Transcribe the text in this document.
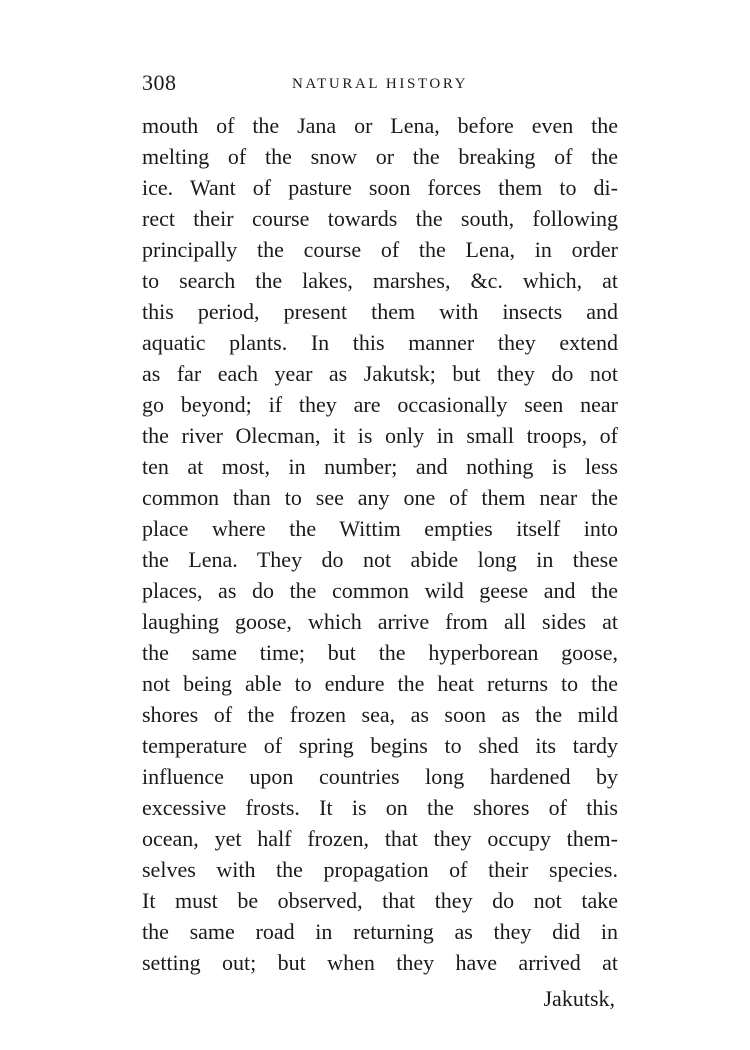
308	NATURAL HISTORY
mouth of the Jana or Lena, before even the
melting of the snow or the breaking of the
ice. Want of pasture soon forces them to di-
rect their course towards the south, following
principally the course of the Lena, in order
to search the lakes, marshes, &c. which, at
this period, present them with insects and
aquatic plants. In this manner they extend
as far each year as Jakutsk; but they do not
go beyond; if they are occasionally seen near
the river Olecman, it is only in small troops, of
ten at most, in number; and nothing is less
common than to see any one of them near the
place where the Wittim empties itself into
the Lena. They do not abide long in these
places, as do the common wild geese and the
laughing goose, which arrive from all sides at
the same time; but the hyperborean goose,
not being able to endure the heat returns to the
shores of the frozen sea, as soon as the mild
temperature of spring begins to shed its tardy
influence upon countries long hardened by
excessive frosts. It is on the shores of this
ocean, yet half frozen, that they occupy them-
selves with the propagation of their species.
It must be observed, that they do not take
the same road in returning as they did in
setting out; but when they have arrived at
Jakutsk,
